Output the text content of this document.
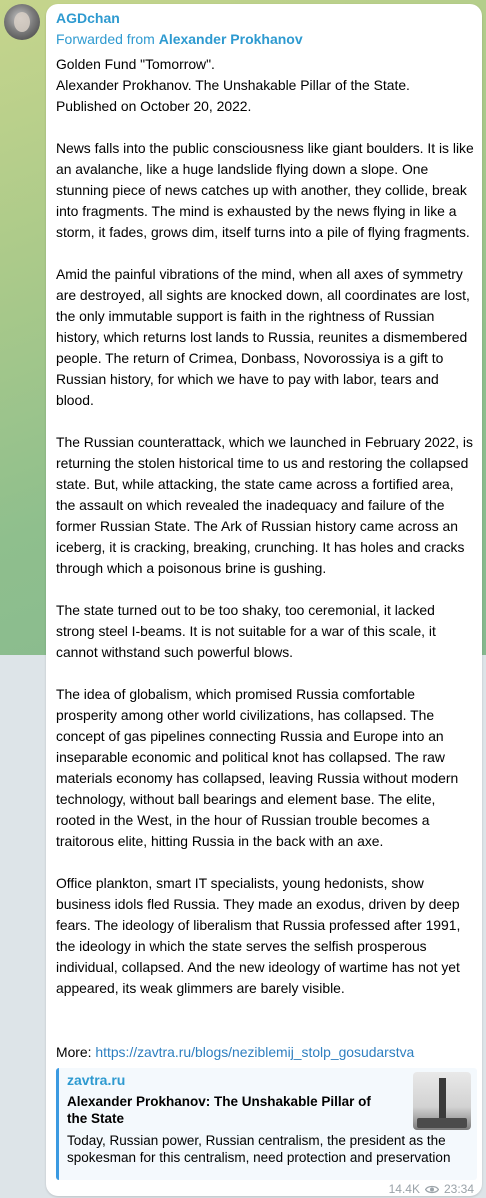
AGDchan
Forwarded from Alexander Prokhanov

Golden Fund "Tomorrow".
Alexander Prokhanov. The Unshakable Pillar of the State.
Published on October 20, 2022.

News falls into the public consciousness like giant boulders. It is like an avalanche, like a huge landslide flying down a slope. One stunning piece of news catches up with another, they collide, break into fragments. The mind is exhausted by the news flying in like a storm, it fades, grows dim, itself turns into a pile of flying fragments.

Amid the painful vibrations of the mind, when all axes of symmetry are destroyed, all sights are knocked down, all coordinates are lost, the only immutable support is faith in the rightness of Russian history, which returns lost lands to Russia, reunites a dismembered people. The return of Crimea, Donbass, Novorossiya is a gift to Russian history, for which we have to pay with labor, tears and blood.

The Russian counterattack, which we launched in February 2022, is returning the stolen historical time to us and restoring the collapsed state. But, while attacking, the state came across a fortified area, the assault on which revealed the inadequacy and failure of the former Russian State. The Ark of Russian history came across an iceberg, it is cracking, breaking, crunching. It has holes and cracks through which a poisonous brine is gushing.

The state turned out to be too shaky, too ceremonial, it lacked strong steel I-beams. It is not suitable for a war of this scale, it cannot withstand such powerful blows.

The idea of globalism, which promised Russia comfortable prosperity among other world civilizations, has collapsed. The concept of gas pipelines connecting Russia and Europe into an inseparable economic and political knot has collapsed. The raw materials economy has collapsed, leaving Russia without modern technology, without ball bearings and element base. The elite, rooted in the West, in the hour of Russian trouble becomes a traitorous elite, hitting Russia in the back with an axe.

Office plankton, smart IT specialists, young hedonists, show business idols fled Russia. They made an exodus, driven by deep fears. The ideology of liberalism that Russia professed after 1991, the ideology in which the state serves the selfish prosperous individual, collapsed. And the new ideology of wartime has not yet appeared, its weak glimmers are barely visible.

More: https://zavtra.ru/blogs/neziblemij_stolp_gosudarstva
zavtra.ru
Alexander Prokhanov: The Unshakable Pillar of the State
Today, Russian power, Russian centralism, the president as the spokesman for this centralism, need protection and preservation
14.4K 23:34
